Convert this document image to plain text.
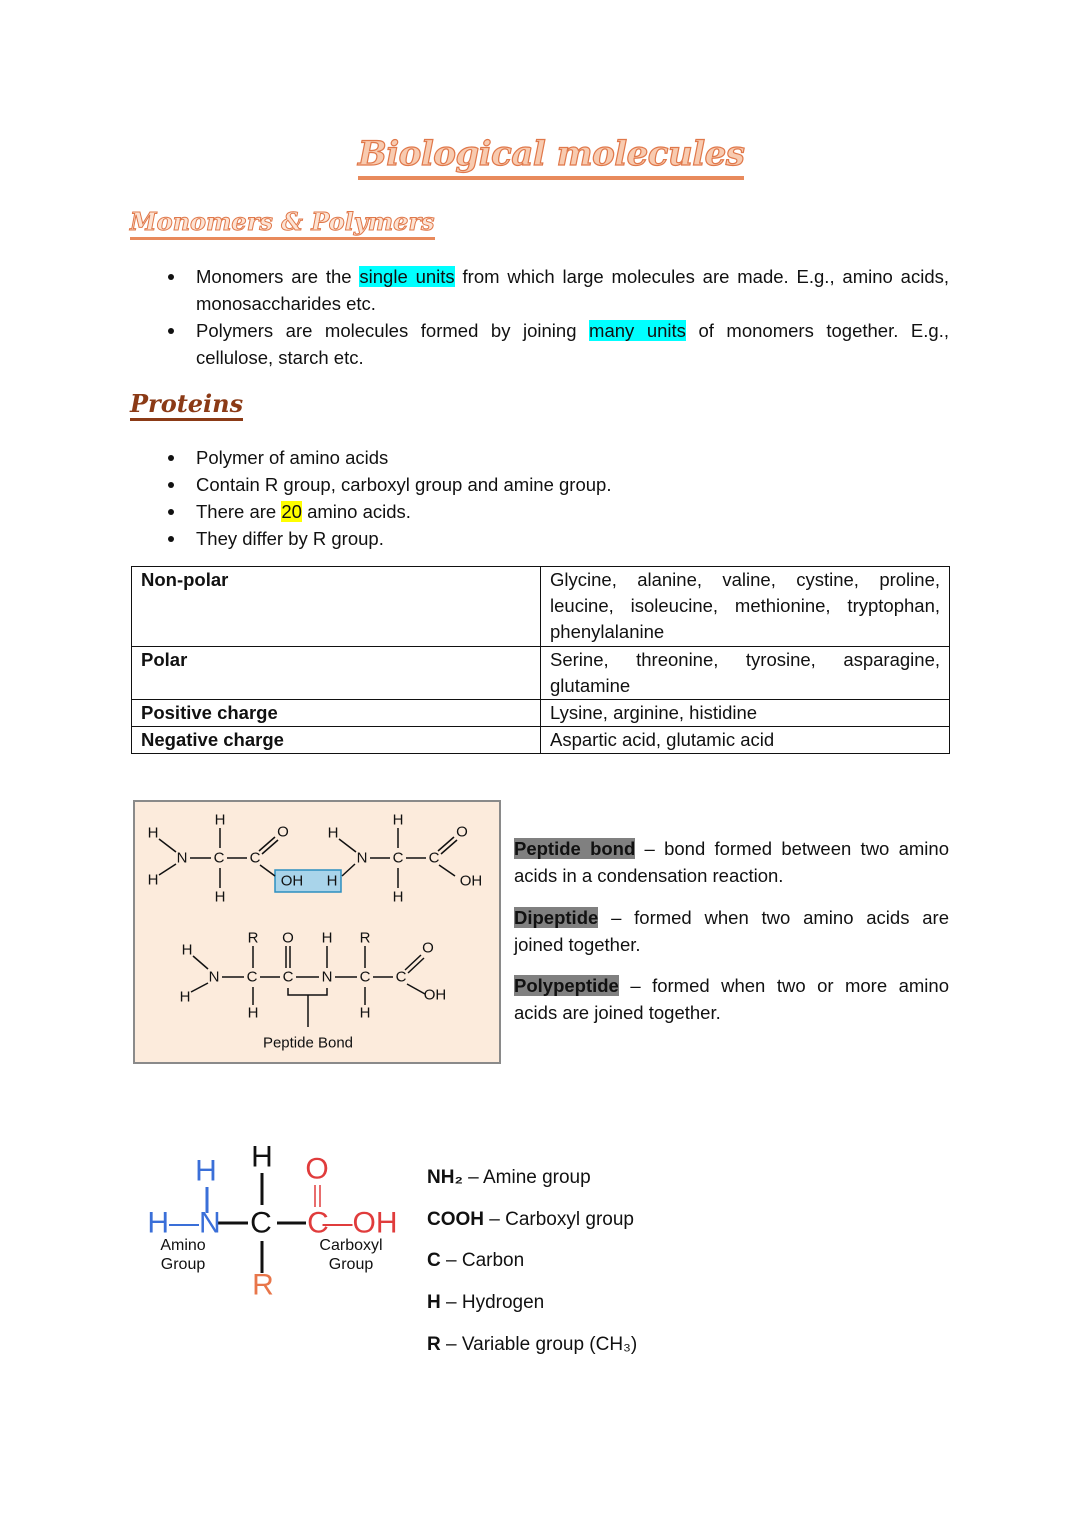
Biological molecules
Monomers & Polymers
Monomers are the single units from which large molecules are made. E.g., amino acids, monosaccharides etc.
Polymers are molecules formed by joining many units of monomers together. E.g., cellulose, starch etc.
Proteins
Polymer of amino acids
Contain R group, carboxyl group and amine group.
There are 20 amino acids.
They differ by R group.
Non-polar	Glycine, alanine, valine, cystine, proline, leucine, isoleucine, methionine, tryptophan, phenylalanine
Polar	Serine, threonine, tyrosine, asparagine, glutamine
Positive charge	Lysine, arginine, histidine
Negative charge	Aspartic acid, glutamic acid
H
N C C
H
H
O
H	OH H
H
N C C
H
H
O
OH
H
N C C N C C
R O H R
H	H
O
OH
H
Peptide Bond
Peptide bond – bond formed between two amino acids in a condensation reaction.
Dipeptide – formed when two amino acids are joined together.
Polypeptide – formed when two or more amino acids are joined together.
H
H—N C C
—OH
H O
R
Amino
Group
Carboxyl
Group
NH₂ – Amine group
COOH – Carboxyl group
C – Carbon
H – Hydrogen
R – Variable group (CH₃)
